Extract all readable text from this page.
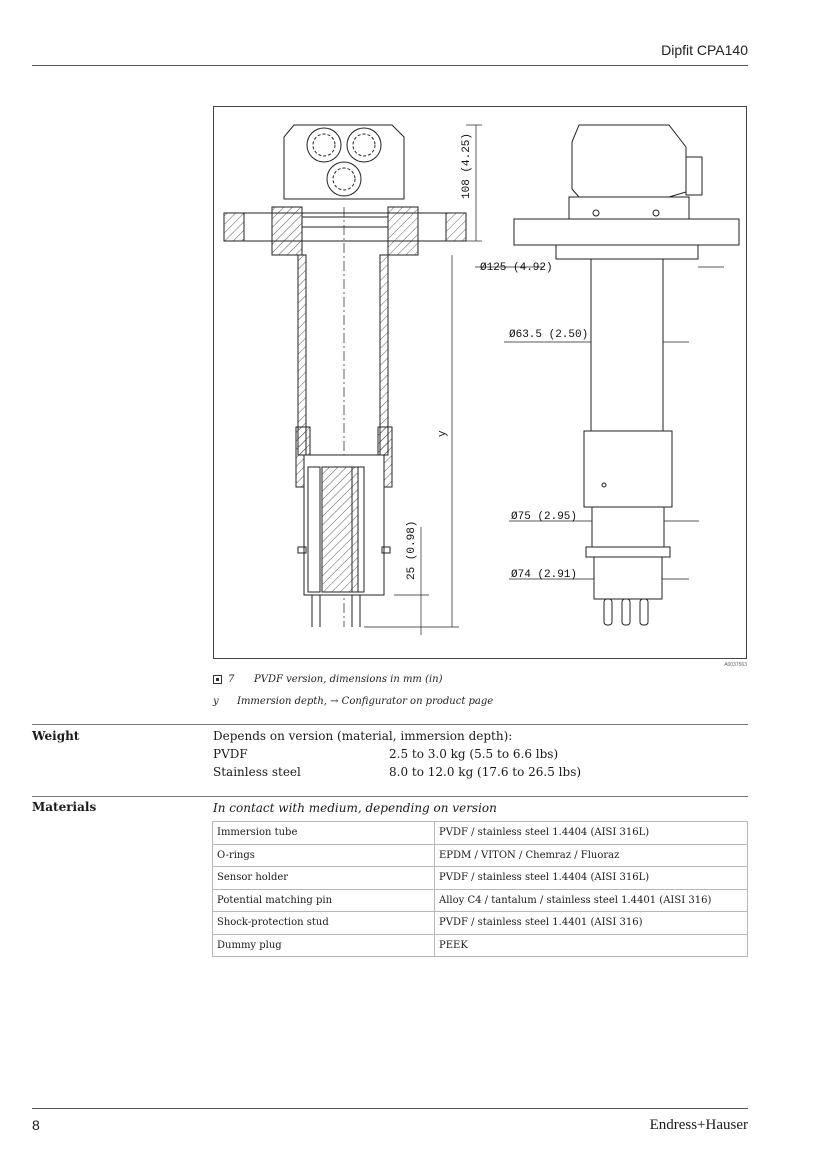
Dipfit CPA140
Ø125 (4.92)
Ø63.5 (2.50)
Ø75 (2.95)
Ø74 (2.91)
108 (4.25)
25 (0.98)
y
A0037563
7 PVDF version, dimensions in mm (in)
y Immersion depth, → Configurator on product page
Weight	Depends on version (material, immersion depth):
PVDF	2.5 to 3.0 kg (5.5 to 6.6 lbs)
Stainless steel	8.0 to 12.0 kg (17.6 to 26.5 lbs)
Materials	In contact with medium, depending on version
Immersion tube	PVDF / stainless steel 1.4404 (AISI 316L)
O-rings	EPDM / VITON / Chemraz / Fluoraz
Sensor holder	PVDF / stainless steel 1.4404 (AISI 316L)
Potential matching pin	Alloy C4 / tantalum / stainless steel 1.4401 (AISI 316)
Shock-protection stud	PVDF / stainless steel 1.4401 (AISI 316)
Dummy plug	PEEK
8	Endress+Hauser
